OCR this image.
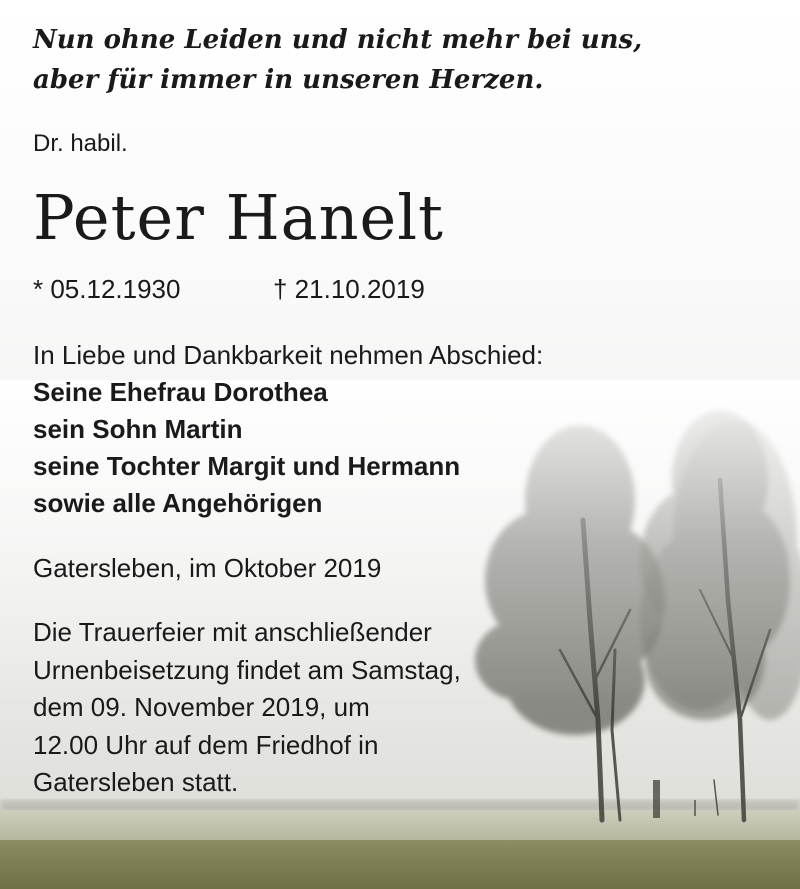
Nun ohne Leiden und nicht mehr bei uns,
aber für immer in unseren Herzen.
Dr. habil.
Peter Hanelt
* 05.12.1930	† 21.10.2019
In Liebe und Dankbarkeit nehmen Abschied:
Seine Ehefrau Dorothea
sein Sohn Martin
seine Tochter Margit und Hermann
sowie alle Angehörigen
Gatersleben, im Oktober 2019
Die Trauerfeier mit anschließender
Urnenbeisetzung findet am Samstag,
dem 09. November 2019, um
12.00 Uhr auf dem Friedhof in
Gatersleben statt.
